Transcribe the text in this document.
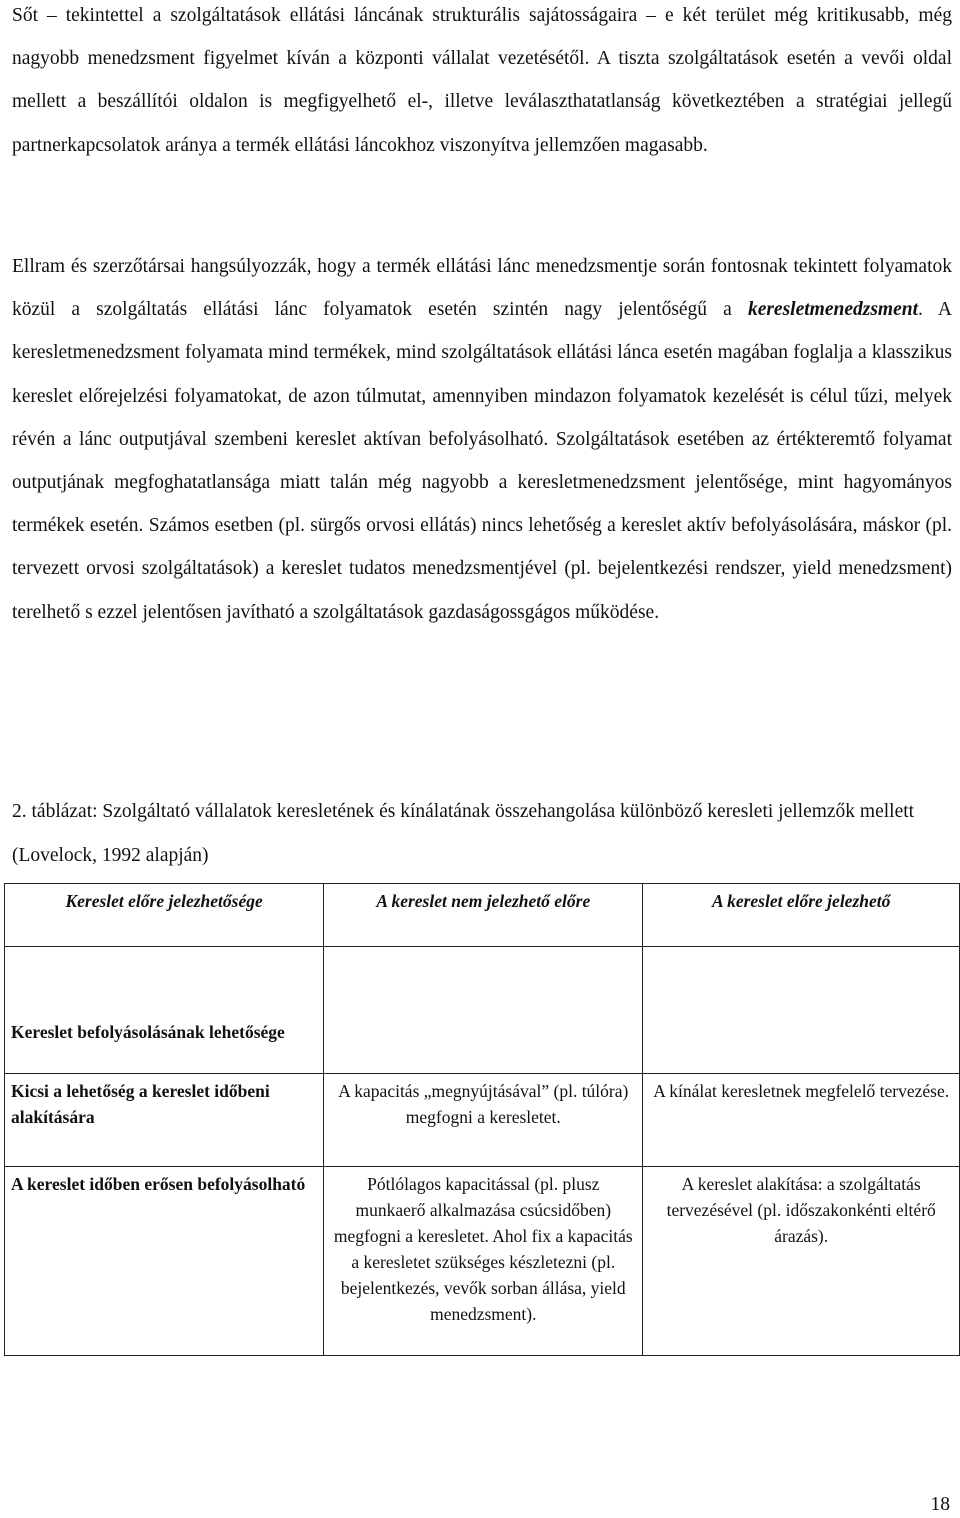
Sőt – tekintettel a szolgáltatások ellátási láncának strukturális sajátosságaira – e két terület még kritikusabb, még nagyobb menedzsment figyelmet kíván a központi vállalat vezetésétől. A tiszta szolgáltatások esetén a vevői oldal mellett a beszállítói oldalon is megfigyelhető el-, illetve leválaszthatatlanság következtében a stratégiai jellegű partnerkapcsolatok aránya a termék ellátási láncokhoz viszonyítva jellemzően magasabb.

Ellram és szerzőtársai hangsúlyozzák, hogy a termék ellátási lánc menedzsmentje során fontosnak tekintett folyamatok közül a szolgáltatás ellátási lánc folyamatok esetén szintén nagy jelentőségű a keresletmenedzsment. A keresletmenedzsment folyamata mind termékek, mind szolgáltatások ellátási lánca esetén magában foglalja a klasszikus kereslet előrejelzési folyamatokat, de azon túlmutat, amennyiben mindazon folyamatok kezelését is célul tűzi, melyek révén a lánc outputjával szembeni kereslet aktívan befolyásolható. Szolgáltatások esetében az értékteremtő folyamat outputjának megfoghatatlansága miatt talán még nagyobb a keresletmenedzsment jelentősége, mint hagyományos termékek esetén. Számos esetben (pl. sürgős orvosi ellátás) nincs lehetőség a kereslet aktív befolyásolására, máskor (pl. tervezett orvosi szolgáltatások) a kereslet tudatos menedzsmentjével (pl. bejelentkezési rendszer, yield menedzsment) terelhető s ezzel jelentősen javítható a szolgáltatások gazdaságossgágos működése.

2. táblázat: Szolgáltató vállalatok keresletének és kínálatának összehangolása különböző keresleti jellemzők mellett (Lovelock, 1992 alapján)

Kereslet előre jelezhetősége	A kereslet nem jelezhető előre	A kereslet előre jelezhető

Kereslet befolyásolásának lehetősége		

Kicsi a lehetőség a kereslet időbeni alakítására	A kapacitás „megnyújtásával” (pl. túlóra) megfogni a keresletet.	A kínálat keresletnek megfelelő tervezése.
A kereslet időben erősen befolyásolható	Pótlólagos kapacitással (pl. plusz munkaerő alkalmazása csúcsidőben) megfogni a keresletet. Ahol fix a kapacitás a keresletet szükséges készletezni (pl. bejelentkezés, vevők sorban állása, yield menedzsment).	A kereslet alakítása: a szolgáltatás tervezésével (pl. időszakonkénti eltérő árazás).
18
